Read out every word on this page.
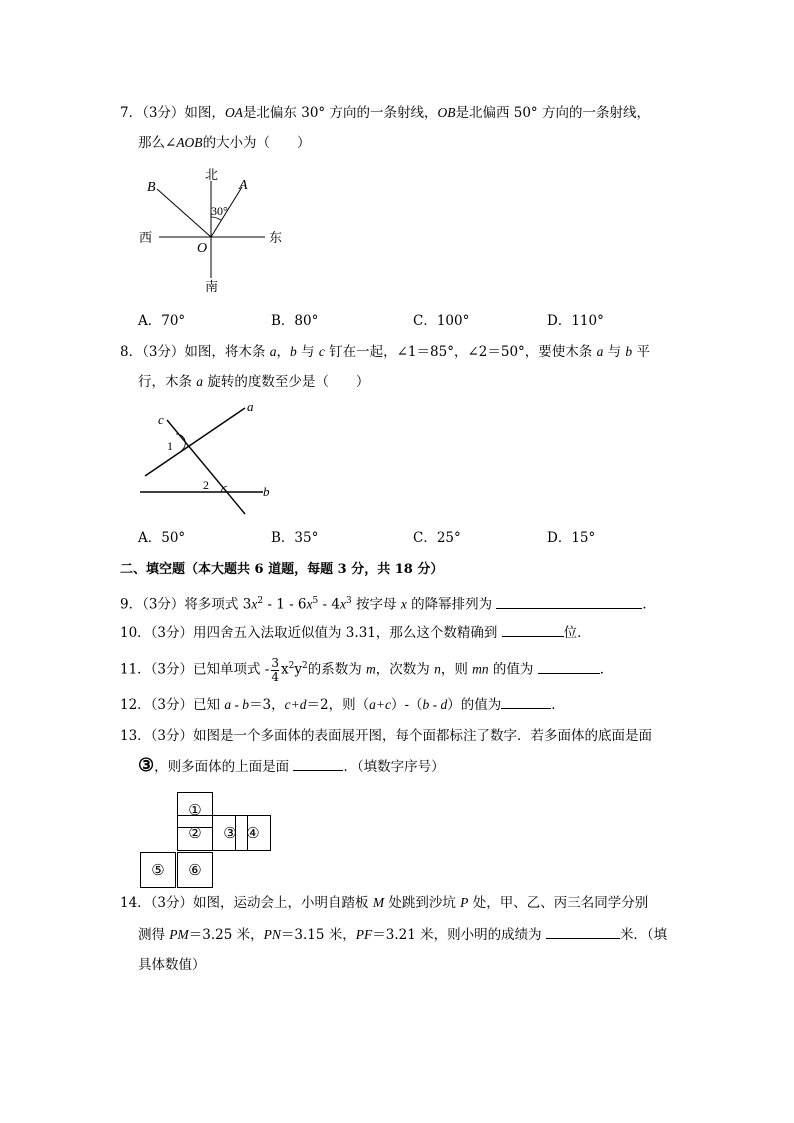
7．（3分）如图，OA是北偏东 30° 方向的一条射线，OB是北偏西 50° 方向的一条射线，
那么∠AOB的大小为（　　）
北
南
东
西
B	A
O
30°
A．70°	B．80°	C．100°	D．110°
8．（3分）如图，将木条 a，b 与 c 钉在一起，∠1＝85°，∠2＝50°，要使木条 a 与 b 平
行，木条 a 旋转的度数至少是（　　）
a
b
c
1
2
A．50°	B．35°	C．25°	D．15°
二、填空题（本大题共 6 道题，每题 3 分，共 18 分）
9．（3分）将多项式 $3x^2 - 1 - 6x^5 - 4x^3$ 按字母 x 的降幂排列为	．
10．（3分）用四舍五入法取近似值为 3.31，那么这个数精确到	位．
11．（3分）已知单项式 - $\frac{3}{4} x^2y^2$的系数为 m，次数为 n，则 mn 的值为	．
12．（3分）已知 a - b＝3，c+d＝2，则（a+c）-（b - d）的值为	．
13．（3分）如图是一个多面体的表面展开图，每个面都标注了数字．若多面体的底面是面
③，则多面体的上面是面	．（填数字序号）
①
②	③ ④
⑤	⑥
14．（3分）如图，运动会上，小明自踏板 M 处跳到沙坑 P 处，甲、乙、丙三名同学分别
测得 PM＝3.25 米，PN＝3.15 米，PF＝3.21 米，则小明的成绩为	米．（填
具体数值）
